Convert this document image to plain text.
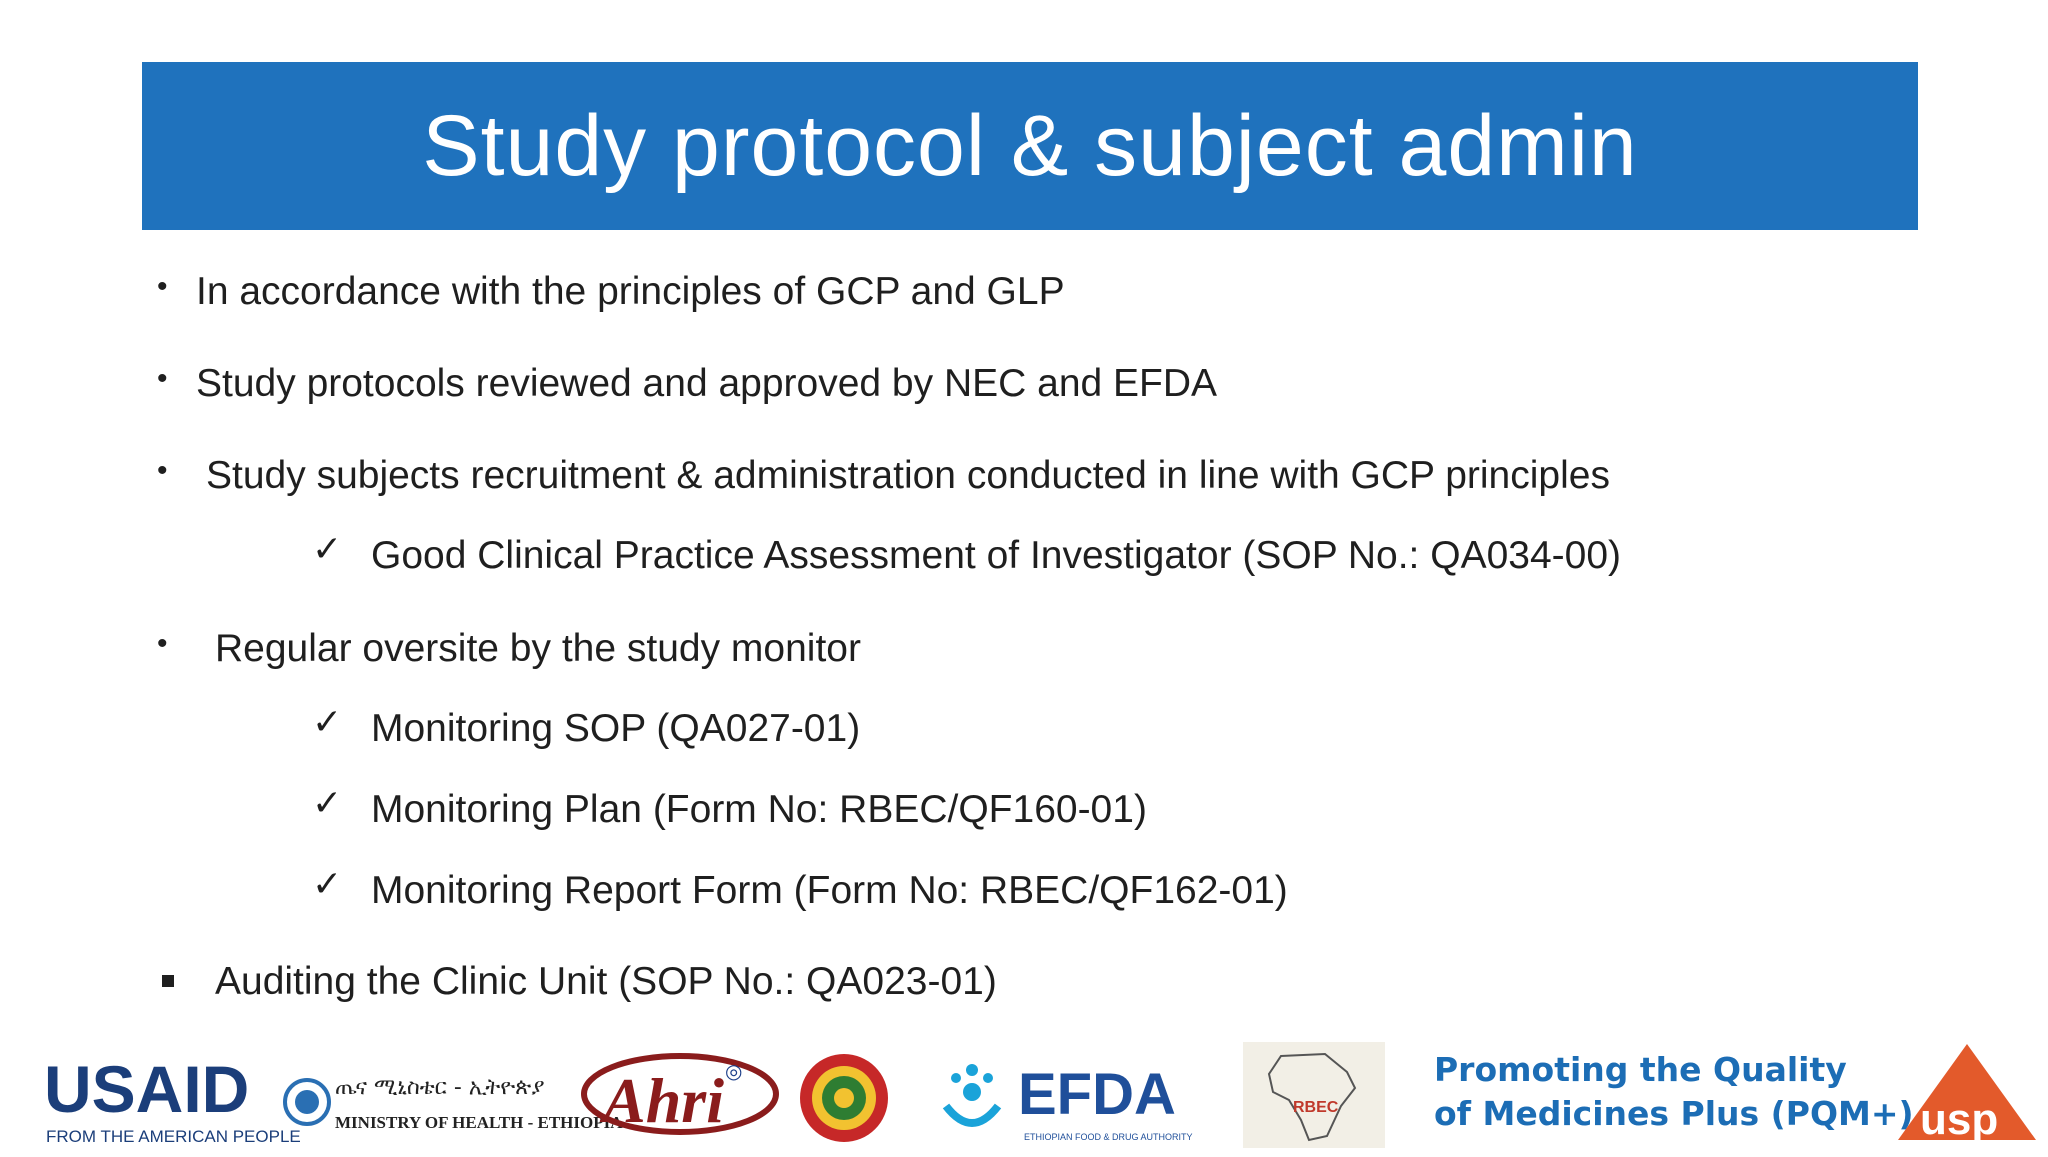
Study protocol & subject admin
• In accordance with the principles of GCP and GLP
• Study protocols reviewed and approved by NEC and EFDA
• Study subjects recruitment & administration conducted in line with GCP principles
✓ Good Clinical Practice Assessment of Investigator (SOP No.: QA034-00)
• Regular oversite by the study monitor
✓ Monitoring SOP (QA027-01)
✓ Monitoring Plan (Form No: RBEC/QF160-01)
✓ Monitoring Report Form (Form No: RBEC/QF162-01)
Auditing the Clinic Unit (SOP No.: QA023-01)
USAID
FROM THE AMERICAN PEOPLE
ጤና ሚኒስቴር - ኢትዮጵያ
MINISTRY OF HEALTH - ETHIOPIA
Ahri ◎	EFDA
ETHIOPIAN FOOD & DRUG AUTHORITY
RBEC
Promoting the Quality
of Medicines Plus (PQM+) usp
